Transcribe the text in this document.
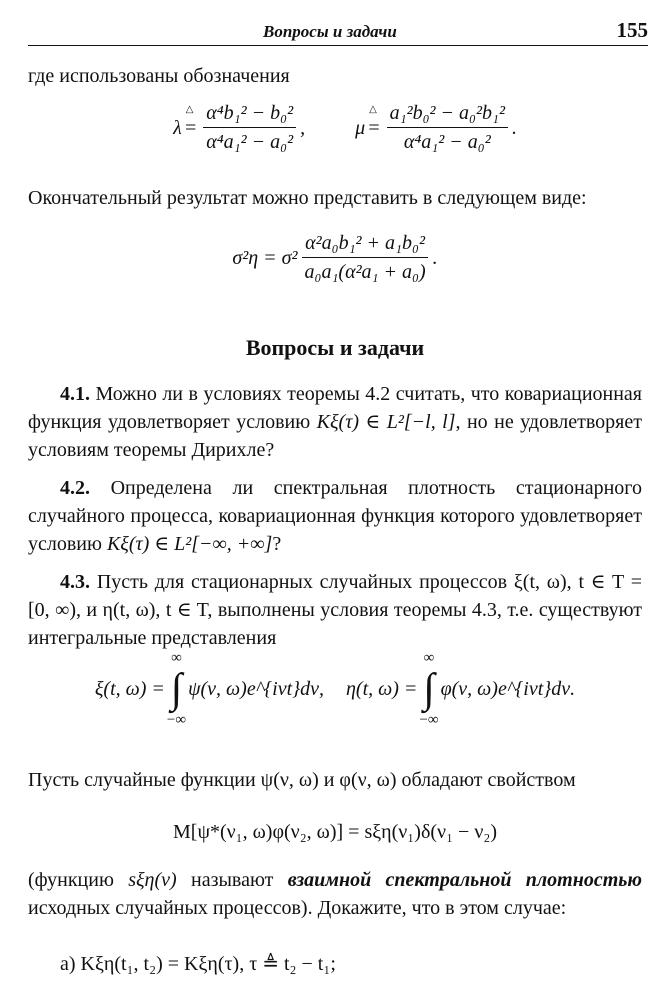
Вопросы и задачи	155

где использованы обозначения

λ =
△ $\frac{\text{α⁴b₁² − b₀²}}{\text{α⁴a₁² − a₀²}}$ ,	μ =
△ $\frac{\text{a₁²b₀² − a₀²b₁²}}{\text{α⁴a₁² − a₀²}}$ .

Окончательный результат можно представить в следующем виде:

$\sigma^2\eta = \sigma^2 \frac{\text{α²a₀b₁² + a₁b₀²}}{\text{a₀a₁(α²a₁ + a₀)}}$ .
Вопросы и задачи

4.1. Можно ли в условиях теоремы 4.2 считать, что ковариационная функция удовлетворяет условию Kξ(τ) ∈ L²[−l, l], но не удовлетворяет условиям теоремы Дирихле?

4.2. Определена ли спектральная плотность стационарного случайного процесса, ковариационная функция которого удовлетворяет условию Kξ(τ) ∈ L²[−∞, +∞]?

4.3. Пусть для стационарных случайных процессов ξ(t, ω), t ∈ T = [0, ∞), и η(t, ω), t ∈ T, выполнены условия теоремы 4.3, т.е. существуют интегральные представления

ξ(t, ω) =
∞
∫
−∞
ψ(ν, ω)e^{iνt}dν, η(t, ω) =
∞
∫
−∞
φ(ν, ω)e^{iνt}dν.

Пусть случайные функции ψ(ν, ω) и φ(ν, ω) обладают свойством

M[ψ*(ν₁, ω)φ(ν₂, ω)] = sξη(ν₁)δ(ν₁ − ν₂)

(функцию sξη(ν) называют взаимной спектральной плотностью исходных случайных процессов). Докажите, что в этом случае:

а) Kξη(t₁, t₂) = Kξη(τ), τ ≜ t₂ − t₁;
